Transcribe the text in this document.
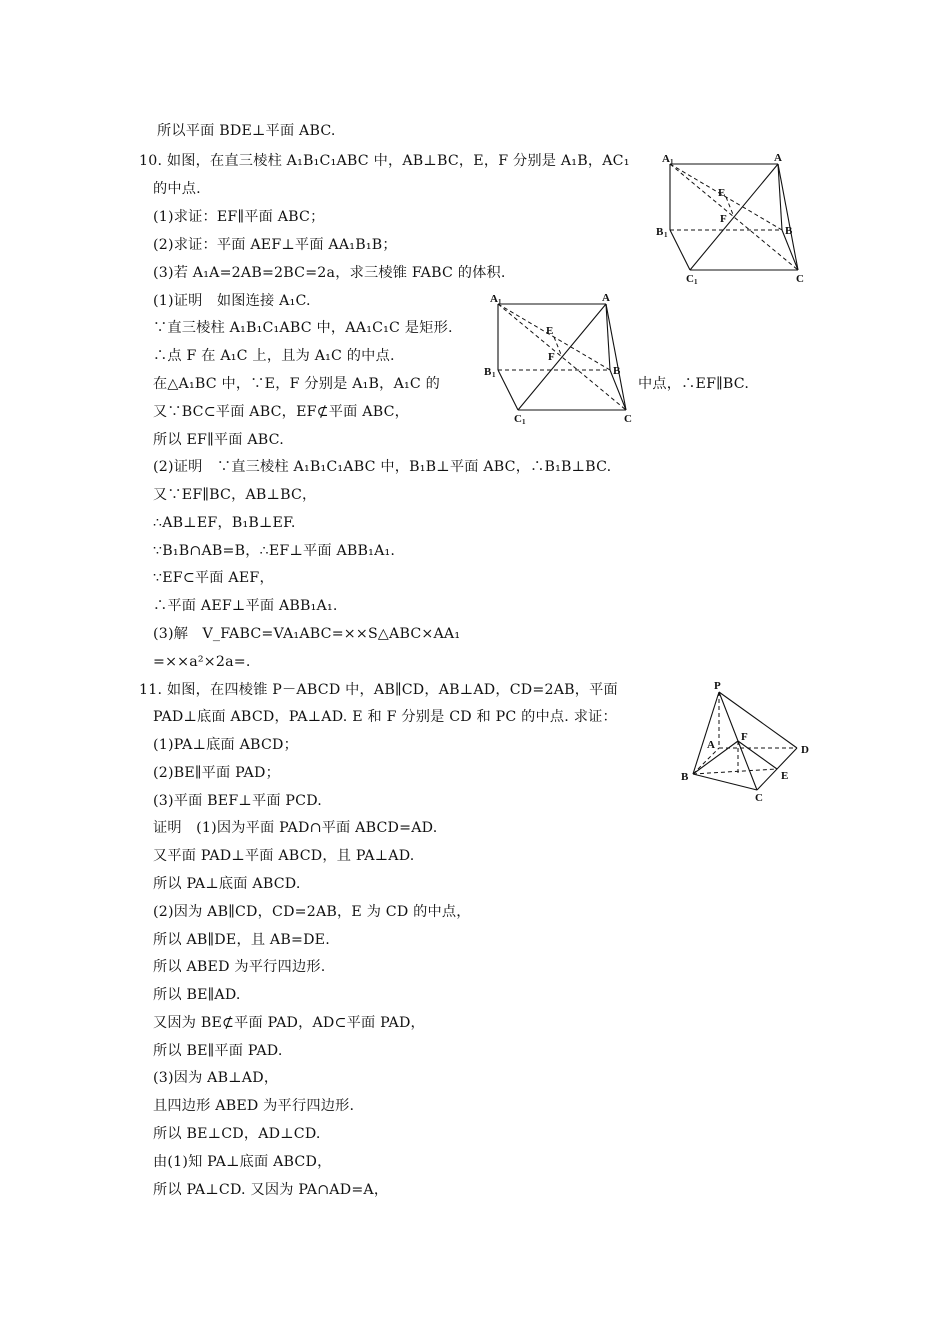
所以平面 BDE⊥平面 ABC.
10. 如图，在直三棱柱 A₁B₁C₁ABC 中，AB⊥BC，E，F 分别是 A₁B，AC₁
的中点.
(1)求证：EF∥平面 ABC；
(2)求证：平面 AEF⊥平面 AA₁B₁B；
(3)若 A₁A=2AB=2BC=2a，求三棱锥 FABC 的体积.
(1)证明　如图连接 A₁C.
∵直三棱柱 A₁B₁C₁ABC 中，AA₁C₁C 是矩形.
∴点 F 在 A₁C 上，且为 A₁C 的中点.
在△A₁BC 中，∵E，F 分别是 A₁B，A₁C 的	中点，∴EF∥BC.
又∵BC⊂平面 ABC，EF⊄平面 ABC，
所以 EF∥平面 ABC.
(2)证明　∵直三棱柱 A₁B₁C₁ABC 中，B₁B⊥平面 ABC，∴B₁B⊥BC.
又∵EF∥BC，AB⊥BC，
∴AB⊥EF，B₁B⊥EF.
∵B₁B∩AB=B，∴EF⊥平面 ABB₁A₁.
∵EF⊂平面 AEF，
∴平面 AEF⊥平面 ABB₁A₁.
(3)解　V_FABC=VA₁ABC=××S△ABC×AA₁
=××a²×2a=.
11. 如图，在四棱锥 P－ABCD 中，AB∥CD，AB⊥AD，CD=2AB，平面
PAD⊥底面 ABCD，PA⊥AD. E 和 F 分别是 CD 和 PC 的中点. 求证：
(1)PA⊥底面 ABCD；
(2)BE∥平面 PAD；
(3)平面 BEF⊥平面 PCD.
证明　(1)因为平面 PAD∩平面 ABCD=AD.
又平面 PAD⊥平面 ABCD，且 PA⊥AD.
所以 PA⊥底面 ABCD.
(2)因为 AB∥CD，CD=2AB，E 为 CD 的中点，
所以 AB∥DE，且 AB=DE.
所以 ABED 为平行四边形.
所以 BE∥AD.
又因为 BE⊄平面 PAD，AD⊂平面 PAD，
所以 BE∥平面 PAD.
(3)因为 AB⊥AD，
且四边形 ABED 为平行四边形.
所以 BE⊥CD，AD⊥CD.
由(1)知 PA⊥底面 ABCD，
所以 PA⊥CD. 又因为 PA∩AD=A，
A 1	A
E
F
B 1	B
C 1	C
A 1	A
E
F
B 1	B
C 1	C
P
A
F
D
B	E
C
